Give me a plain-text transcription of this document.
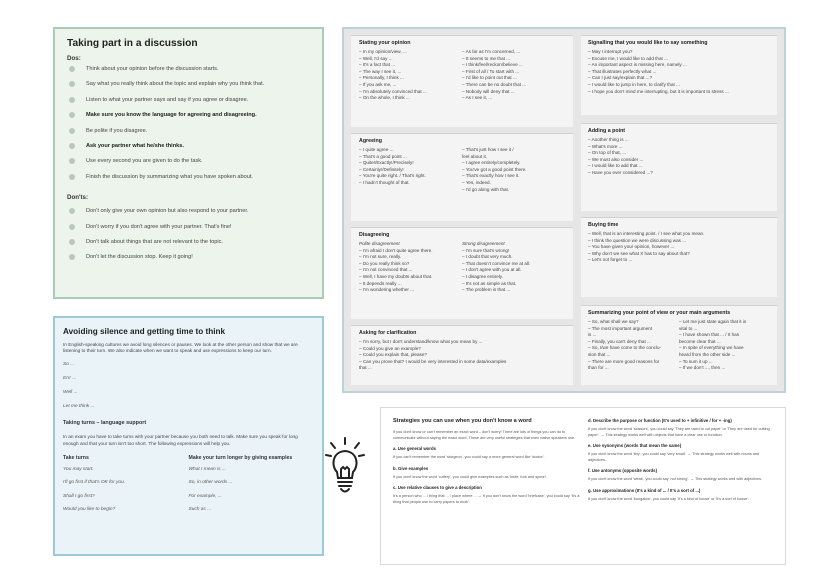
Taking part in a discussion
Dos:
Think about your opinion before the discussion starts.
Say what you really think about the topic and explain why you think that.
Listen to what your partner says and say if you agree or disagree.
Make sure you know the language for agreeing and disagreeing.
Be polite if you disagree.
Ask your partner what he/she thinks.
Use every second you are given to do the task.
Finish the discussion by summarizing what you have spoken about.
Don'ts:
Don't only give your own opinion but also respond to your partner.
Don't worry if you don't agree with your partner. That's fine!
Don't talk about things that are not relevant to the topic.
Don't let the discussion stop. Keep it going!
Avoiding silence and getting time to think
In English-speaking cultures we avoid long silences or pauses. We look at the other person and show that we are listening to their turn. We also indicate when we want to speak and use expressions to keep our turn.
So ...
Errr ...
Well ...
Let me think ...
Taking turns – language support
In an exam you have to take turns with your partner because you both need to talk. Make sure you speak for long enough and that your turn isn't too short. The following expressions will help you.
Take turns
You may start.
I'll go first if that's OK for you.
Shall I go first?
Would you like to begin?
Make your turn longer by giving examples
What I mean is ...
So, in other words ...
For example, ...
Such as ...
Stating your opinion
– In my opinion/view, ...
– Well, I'd say ...
– It's a fact that ...
– The way I see it, ...
– Personally, I think ...
– If you ask me, ...
– I'm absolutely convinced that ...
– On the whole, I think ...
– As far as I'm concerned, ...
– It seems to me that ...
– I think/feel/reckon/believe ...
– First of all / To start with ...
– I'd like to point out that ...
– There can be no doubt that ...
– Nobody will deny that ...
– As I see it, ...
Agreeing
– I quite agree ...
– That's a good point ...
– Quite!/Exactly!/Precisely!
– Certainly!/Definitely!
– You're quite right. / That's right.
– I hadn't thought of that.
– That's just how I see it /
feel about it.
– I agree entirely/completely.
– You've got a good point there.
– That's exactly how I see it.
– Yes, indeed.
– I'd go along with that.
Disagreeing
Polite disagreement
– I'm afraid I don't quite agree there.
– I'm not sure, really.
– Do you really think so?
– I'm not convinced that ...
– Well, I have my doubts about that.
– It depends really ...
– I'm wondering whether ...
Strong disagreement
– I'm sure that's wrong!
– I doubt that very much.
– That doesn't convince me at all.
– I don't agree with you at all.
– I disagree entirely.
– It's not as simple as that.
– The problem is that ...
Asking for clarification
– I'm sorry, but I don't understand/know what you mean by ...
– Could you give an example?
– Could you explain that, please?
– Can you prove that? I would be very interested in some data/examples
that ...
Signalling that you would like to say something
– May I interrupt you?
– Excuse me, I would like to add that ...
– An important aspect is missing here, namely ...
– That illustrates perfectly what ...
– Can I just say/explain that ...?
– I would like to jump in here, to clarify that ...
– I hope you don't mind me interrupting, but it is important to stress ...
Adding a point
– Another thing is ...
– What's more ...
– On top of that, ...
– We must also consider ...
– I would like to add that ...
– Have you ever considered ...?
Buying time
– Well, that is an interesting point. / I see what you mean.
– I think the question we were discussing was ...
– You have given your opinion, however ...
– Why don't we see what X has to say about that?
– Let's not forget to ...
Summarizing your point of view or your main arguments
– So, what shall we say?
– The most important argument
is ...
– Finally, you can't deny that ...
– So, I/we have come to the conclu-
sion that ...
– There are more good reasons for
than for ...
– Let me just state again that it is
vital to ...
– I have shown that ... / It has
become clear that ...
– In spite of everything we have
heard from the other side ...
– To sum it up ...
– If we don't ..., then ...
Strategies you can use when you don't know a word
If you don't know or can't remember an exact word – don't worry! There are lots of things you can do to communicate without saying the exact word. These are very useful strategies that even native speakers use.
a. Use general words
If you can't remember the word 'sturgeon', you could say a more general word like 'doctor'.
b. Give examples
If you don't know the word 'cutlery', you could give examples such as 'knife, fork and spoon'.
c. Use relative clauses to give a description
It's a person who ... / thing that ... / place where ... → If you don't know the word 'briefcase', you could say 'It's a thing that people use to carry papers to work'.
d. Describe the purpose or function (It's used to + infinitive / for + -ing)
If you don't know the word 'scissors', you could say 'They are used to cut paper' or 'They are used for cutting paper'. → This strategy works well with objects that have a clear use or function.
e. Use synonyms (words that mean the same)
If you don't know the word 'tiny', you could say 'very small'. → This strategy works well with nouns and adjectives.
f. Use antonyms (opposite words)
If you don't know the word 'weak', you could say 'not strong'. → This strategy works well with adjectives.
g. Use approximations (It's a kind of ... / It's a sort of ...)
If you don't know the word 'bungalow', you could say 'It's a kind of house' or 'It's a sort of house'.
